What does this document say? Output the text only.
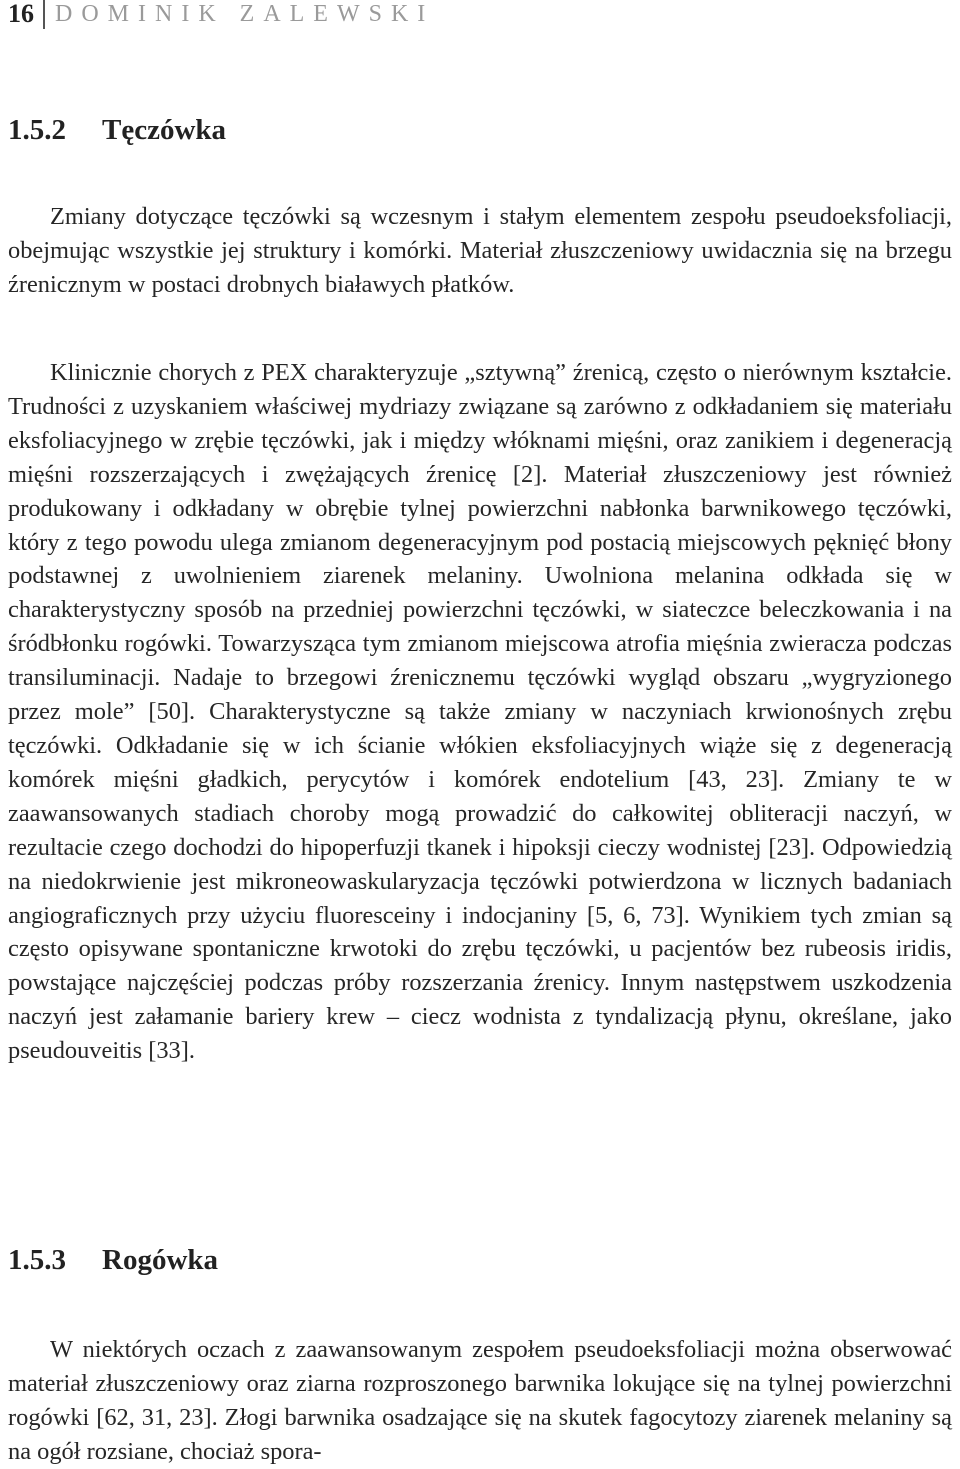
16 DOMINIK ZALEWSKI
1.5.2 Tęczówka

Zmiany dotyczące tęczówki są wczesnym i stałym elementem zespołu pseudoeksfoliacji, obejmując wszystkie jej struktury i komórki. Materiał złuszczeniowy uwidacznia się na brzegu źrenicznym w postaci drobnych białawych płatków.

Klinicznie chorych z PEX charakteryzuje „sztywną” źrenicą, często o nierównym kształcie. Trudności z uzyskaniem właściwej mydriazy związane są zarówno z odkładaniem się materiału eksfoliacyjnego w zrębie tęczówki, jak i między włóknami mięśni, oraz zanikiem i degeneracją mięśni rozszerzających i zwężających źrenicę [2]. Materiał złuszczeniowy jest również produkowany i odkładany w obrębie tylnej powierzchni nabłonka barwnikowego tęczówki, który z tego powodu ulega zmianom degeneracyjnym pod postacią miejscowych pęknięć błony podstawnej z uwolnieniem ziarenek melaniny. Uwolniona melanina odkłada się w charakterystyczny sposób na przedniej powierzchni tęczówki, w siateczce beleczkowania i na śródbłonku rogówki. Towarzysząca tym zmianom miejscowa atrofia mięśnia zwieracza podczas transiluminacji. Nadaje to brzegowi źrenicznemu tęczówki wygląd obszaru „wygryzionego przez mole” [50]. Charakterystyczne są także zmiany w naczyniach krwionośnych zrębu tęczówki. Odkładanie się w ich ścianie włókien eksfoliacyjnych wiąże się z degeneracją komórek mięśni gładkich, perycytów i komórek endotelium [43, 23]. Zmiany te w zaawansowanych stadiach choroby mogą prowadzić do całkowitej obliteracji naczyń, w rezultacie czego dochodzi do hipoperfuzji tkanek i hipoksji cieczy wodnistej [23]. Odpowiedzią na niedokrwienie jest mikroneowaskularyzacja tęczówki potwierdzona w licznych badaniach angiograficznych przy użyciu fluoresceiny i indocjaniny [5, 6, 73]. Wynikiem tych zmian są często opisywane spontaniczne krwotoki do zrębu tęczówki, u pacjentów bez rubeosis iridis, powstające najczęściej podczas próby rozszerzania źrenicy. Innym następstwem uszkodzenia naczyń jest załamanie bariery krew – ciecz wodnista z tyndalizacją płynu, określane, jako pseudouveitis [33].

1.5.3 Rogówka

W niektórych oczach z zaawansowanym zespołem pseudoeksfoliacji można obserwować materiał złuszczeniowy oraz ziarna rozproszonego barwnika lokujące się na tylnej powierzchni rogówki [62, 31, 23]. Złogi barwnika osadzające się na skutek fagocytozy ziarenek melaniny są na ogół rozsiane, chociaż spora-
